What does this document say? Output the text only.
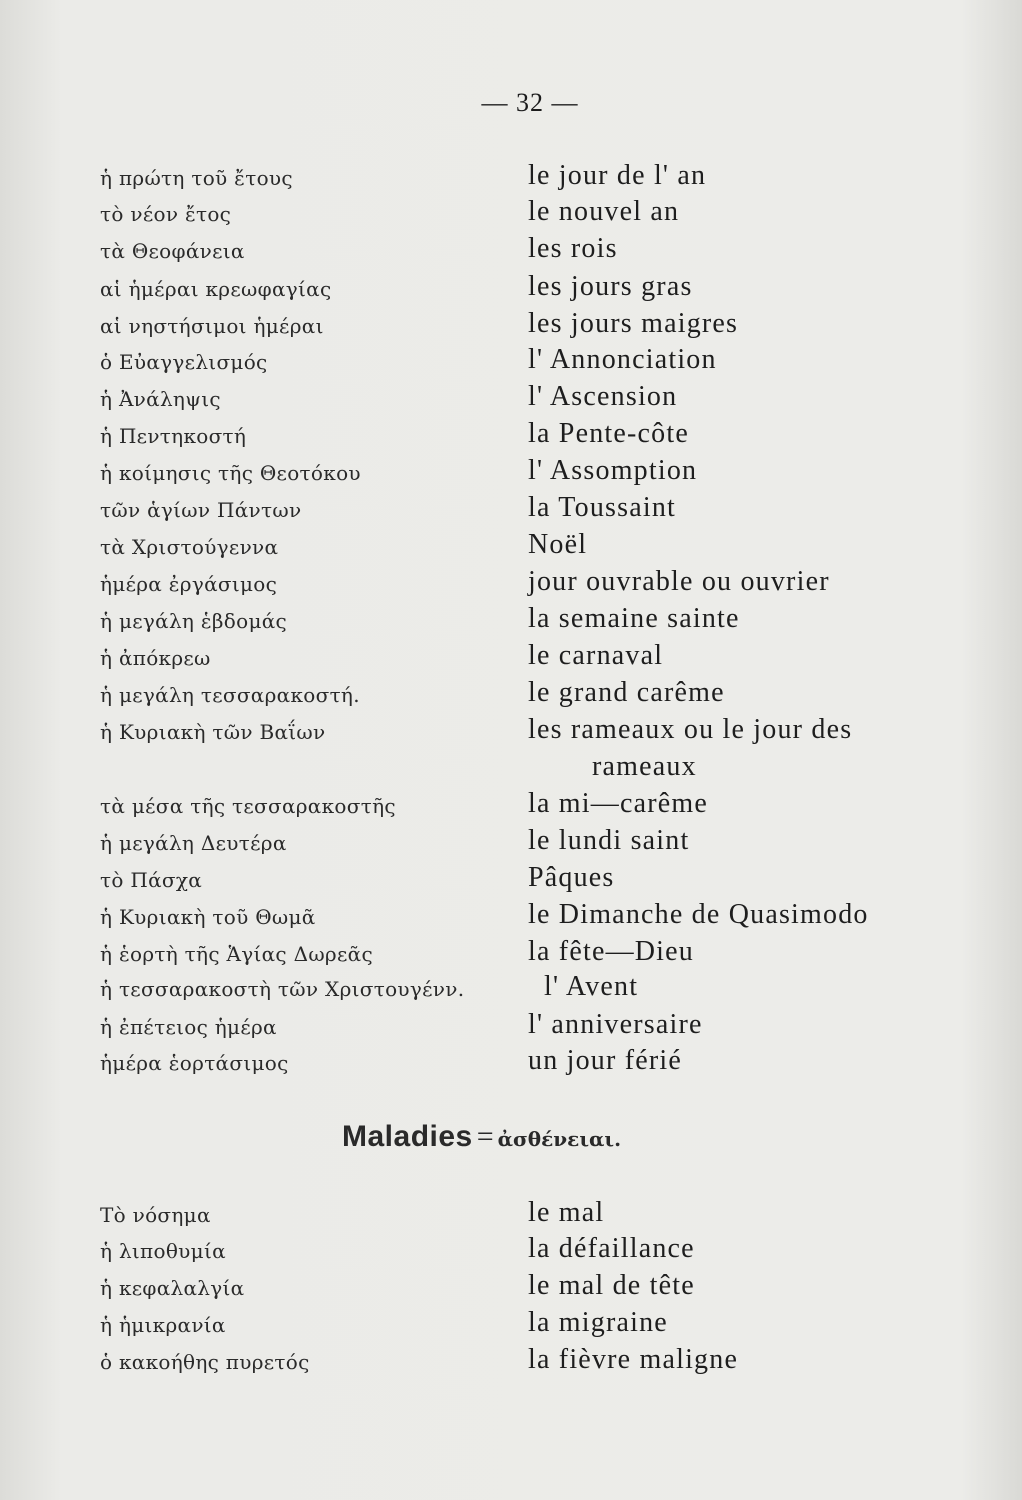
— 32 —
ἡ πρώτη τοῦ ἔτους	le jour de l' an
τὸ νέον ἔτος	le nouvel an
τὰ Θεοφάνεια	les rois
αἱ ἡμέραι κρεωφαγίας	les jours gras
αἱ νηστήσιμοι ἡμέραι	les jours maigres
ὁ Εὐαγγελισμός	l' Annonciation
ἡ Ἀνάληψις	l' Ascension
ἡ Πεντηκοστή	la Pente-côte
ἡ κοίμησις τῆς Θεοτόκου	l' Assomption
τῶν ἁγίων Πάντων	la Toussaint
τὰ Χριστούγεννα	Noël
ἡμέρα ἐργάσιμος	jour ouvrable ou ouvrier
ἡ μεγάλη ἑβδομάς	la semaine sainte
ἡ ἀπόκρεω	le carnaval
ἡ μεγάλη τεσσαρακοστή.	le grand carême
ἡ Κυριακὴ τῶν Βαΐων	les rameaux ou le jour des
rameaux
τὰ μέσα τῆς τεσσαρακοστῆς	la mi—carême
ἡ μεγάλη Δευτέρα	le lundi saint
τὸ Πάσχα	Pâques
ἡ Κυριακὴ τοῦ Θωμᾶ	le Dimanche de Quasimodo
ἡ ἑορτὴ τῆς Ἁγίας Δωρεᾶς	la fête—Dieu
ἡ τεσσαρακοστὴ τῶν Χριστουγένν.	l' Avent
ἡ ἐπέτειος ἡμέρα	l' anniversaire
ἡμέρα ἑορτάσιμος	un jour férié
Τὸ νόσημα	le mal
ἡ λιποθυμία	la défaillance
ἡ κεφαλαλγία	le mal de tête
ἡ ἡμικρανία	la migraine
ὁ κακοήθης πυρετός	la fièvre maligne
Maladies = ἀσθένειαι.
